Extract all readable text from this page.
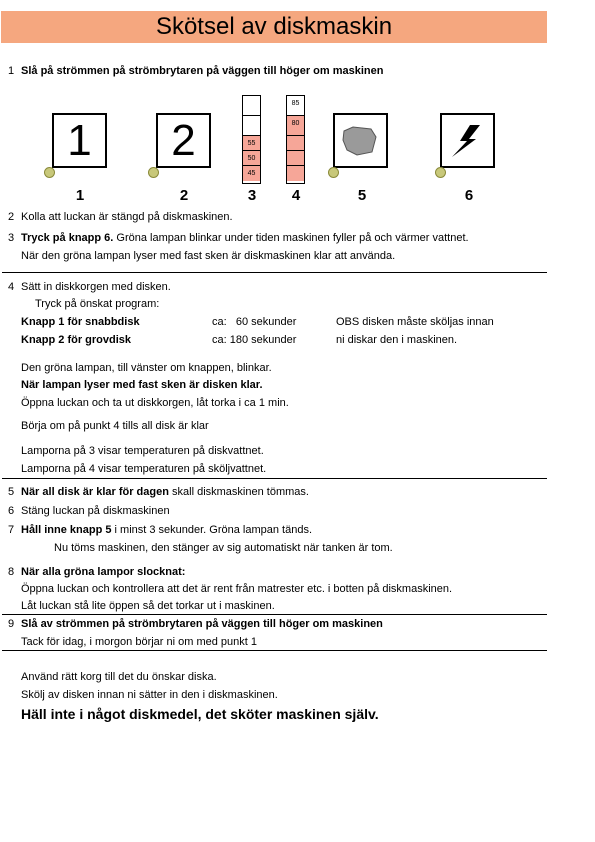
Skötsel av diskmaskin
1 Slå på strömmen på strömbrytaren på väggen till höger om maskinen
1	2	55
50
45
85
80
1	2	3	4	5	6
2 Kolla att luckan är stängd på diskmaskinen.
3 Tryck på knapp 6. Gröna lampan blinkar under tiden maskinen fyller på och värmer vattnet.
När den gröna lampan lyser med fast sken är diskmaskinen klar att använda.
4 Sätt in diskkorgen med disken.
Tryck på önskat program:
Knapp 1 för snabbdisk	ca:   60 sekunder	OBS disken måste sköljas innan
Knapp 2 för grovdisk	ca: 180 sekunder	ni diskar den i maskinen.
Den gröna lampan, till vänster om knappen, blinkar.
När lampan lyser med fast sken är disken klar.
Öppna luckan och ta ut diskkorgen, låt torka i ca 1 min.
Börja om på punkt 4 tills all disk är klar
Lamporna på 3 visar temperaturen på diskvattnet.
Lamporna på 4 visar temperaturen på sköljvattnet.
5 När all disk är klar för dagen skall diskmaskinen tömmas.
6 Stäng luckan på diskmaskinen
7 Håll inne knapp 5 i minst 3 sekunder. Gröna lampan tänds.
Nu töms maskinen, den stänger av sig automatiskt när tanken är tom.
8 När alla gröna lampor slocknat:
Öppna luckan och kontrollera att det är rent från matrester etc. i botten på diskmaskinen.
Låt luckan stå lite öppen så det torkar ut i maskinen.
9 Slå av strömmen på strömbrytaren på väggen till höger om maskinen
Tack för idag, i morgon börjar ni om med punkt 1
Använd rätt korg till det du önskar diska.
Skölj av disken innan ni sätter in den i diskmaskinen.
Häll inte i något diskmedel, det sköter maskinen själv.
